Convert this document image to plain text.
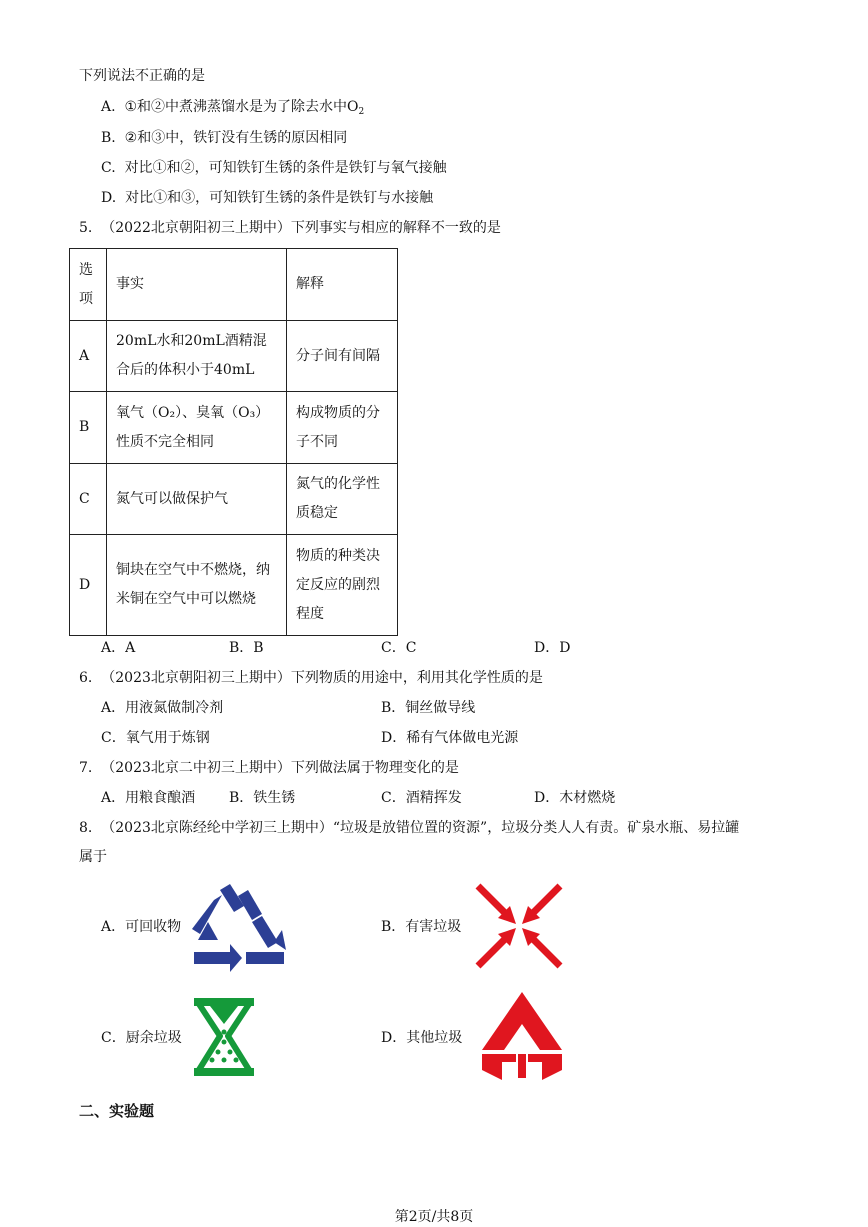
下列说法不正确的是
A. ①和②中煮沸蒸馏水是为了除去水中$O_2$
B. ②和③中，铁钉没有生锈的原因相同
C. 对比①和②，可知铁钉生锈的条件是铁钉与氧气接触
D. 对比①和③，可知铁钉生锈的条件是铁钉与水接触
5. （2022北京朝阳初三上期中）下列事实与相应的解释不一致的是
选项	事实	解释
A	20mL水和20mL酒精混合后的体积小于40mL	分子间有间隔
B	氧气（O₂）、臭氧（O₃）性质不完全相同	构成物质的分子不同
C	氮气可以做保护气	氮气的化学性质稳定
D	铜块在空气中不燃烧，纳米铜在空气中可以燃烧	物质的种类决定反应的剧烈程度
A．A	B．B	C．C	D．D
6. （2023北京朝阳初三上期中）下列物质的用途中，利用其化学性质的是
A．用液氮做制冷剂	B．铜丝做导线
C．氧气用于炼钢	D．稀有气体做电光源
7. （2023北京二中初三上期中）下列做法属于物理变化的是
A．用粮食酿酒 B．铁生锈	C．酒精挥发	D．木材燃烧
8. （2023北京陈经纶中学初三上期中）“垃圾是放错位置的资源”，垃圾分类人人有责。矿泉水瓶、易拉罐
属于
A．可回收物	B．有害垃圾
C．厨余垃圾	D．其他垃圾
二、实验题
第2页/共8页
